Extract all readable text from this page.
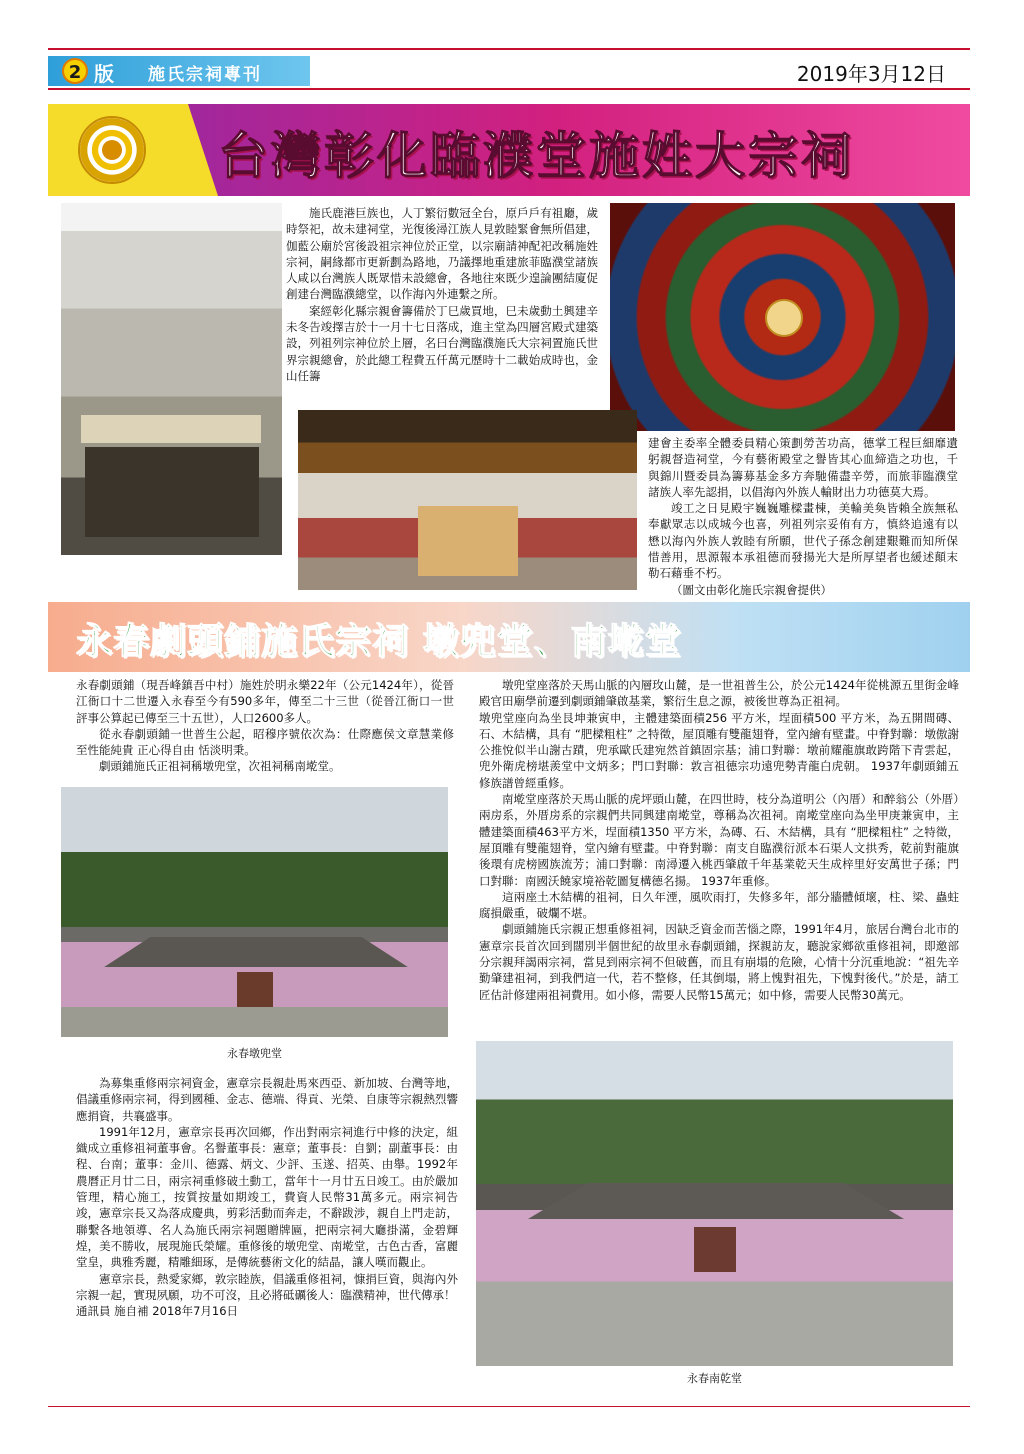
2 版 施氏宗祠專刊	2019年3月12日
台灣彰化臨濮堂施姓大宗祠

施氏鹿港巨族也，人丁繁衍數冠全台，原戶戶有祖廳，歲時祭祀，故未建祠堂，光復後潯江族人見敦睦緊會無所倡建，伽藍公廟於宮後設祖宗神位於正堂，以宗廟請神配祀改稱施姓宗祠，嗣緣都市更新劃為路地，乃議擇地重建旅菲臨濮堂諸族人咸以台灣族人既眾惜未設總會，各地往來既少遑論團結廈促創建台灣臨濮總堂，以作海內外連繫之所。

案經彰化縣宗親會籌備於丁巳歲買地，巳未歲動土興建辛未冬告竣擇吉於十一月十七日落成，進主堂為四層宮殿式建築設，列祖列宗神位於上層，名曰台灣臨濮施氏大宗祠置施氏世界宗親總會，於此總工程費五仟萬元歷時十二載始成時也，金山任籌

建會主委率全體委員精心策劃勞苦功高，德掌工程巨細靡遺躬親督造祠堂，今有藝術殿堂之譽皆其心血締造之功也，千與錦川暨委員為籌募基金多方奔馳備盡辛勞，而旅菲臨濮堂諸族人率先認捐，以倡海內外族人輸財出力功德莫大焉。

竣工之日見殿宇巍巍雕樑畫棟，美輪美奐皆賴全族無私奉獻眾志以成城今也喜，列祖列宗妥侑有方，慎終追遠有以懋以海內外族人敦睦有所願，世代子孫念創建艱難而知所保惜善用，思源報本承祖德而發揚光大是所厚望者也緩述顛末勒石藉垂不朽。

（圖文由彰化施氏宗親會提供）

永春劇頭鋪施氏宗祠 墩兜堂、南墘堂

永春劇頭鋪（現吾峰鎮吾中村）施姓於明永樂22年（公元1424年），從晉江衙口十二世遷入永春至今有590多年，傳至二十三世（從晉江衙口一世評事公算起已傳至三十五世），人口2600多人。

從永春劇頭鋪一世普生公起，昭穆序號依次為：仕際應侯文章慧業修 至性能純貴 正心得自由 恬淡明秉。

劇頭鋪施氏正祖祠稱墩兜堂，次祖祠稱南墘堂。

永春墩兜堂

為募集重修兩宗祠資金，憲章宗長親赴馬來西亞、新加坡、台灣等地，倡議重修兩宗祠，得到國種、金志、德端、得貢、光榮、自康等宗親熱烈響應捐資，共襄盛事。

1991年12月，憲章宗長再次回鄉，作出對兩宗祠進行中修的決定，組織成立重修祖祠董事會。名譽董事長：憲章；董事長：自劉；副董事長：由程、台南；董事：金川、德露、炳文、少評、玉遂、招英、由舉。1992年農曆正月廿二日，兩宗祠重修破土動工，當年十一月廿五日竣工。由於嚴加管理，精心施工，按質按量如期竣工，費資人民幣31萬多元。兩宗祠告竣，憲章宗長又為落成慶典，剪彩活動而奔走，不辭跋涉，親自上門走訪，聯繫各地領導、名人為施氏兩宗祠題贈牌匾，把兩宗祠大廳掛滿，金碧輝煌，美不勝收，展現施氏榮耀。重修後的墩兜堂、南墘堂，古色古香，富麗堂皇，典雅秀麗，精雕細琢，是傳統藝術文化的結晶，讓人嘆而觀止。

憲章宗長，熱愛家鄉，敦宗睦族，倡議重修祖祠，慷捐巨資，與海內外宗親一起，實現夙願，功不可沒，且必將砥礪後人：臨濮精神，世代傳承！

通訊員 施自補 2018年7月16日

墩兜堂座落於天馬山脈的內層玫山麓，是一世祖普生公，於公元1424年從桃源五里街金峰殿官田廟學前遷到劇頭鋪肇啟基業，繁衍生息之源，被後世尊為正祖祠。

墩兜堂座向為坐艮坤兼寅申，主體建築面積256 平方米，埕面積500 平方米，為五開間磚、石、木結構，具有 “肥樑粗柱” 之特徵，屋頂雕有雙龍翅脊，堂內繪有壁畫。中脊對聯：墩傲謝公推悅似半山謝古蹟，兜承歐氏建宛然首鎮固宗基；浦口對聯：墩前耀龍旗敢跨階下青雲起，兜外衛虎榜堪羨堂中文炳多；門口對聯：敦言祖德宗功遠兜勢青龍白虎朝。 1937年劇頭鋪五修族譜曾經重修。

南墘堂座落於天馬山脈的虎坪頭山麓，在四世時，枝分為道明公（內厝）和醉翁公（外厝）兩房系，外厝房系的宗親們共同興建南墘堂，尊稱為次祖祠。南墘堂座向為坐甲庚兼寅申，主體建築面積463平方米，埕面積1350 平方米，為磚、石、木結構，具有 “肥樑粗柱” 之特徵，屋頂雕有雙龍翅脊，堂內繪有壁畫。中脊對聯：南支自臨濮衍派本石渠人文拱秀，乾前對龍旗後環有虎榜國族流芳；浦口對聯：南潯遷入桃西肇啟千年基業乾天生成梓里好安萬世子孫；門口對聯：南國沃饒家境裕乾圖复構德名揚。 1937年重修。

這兩座土木結構的祖祠，日久年湮，風吹雨打，失修多年，部分牆體傾壞，柱、梁、蟲蛀腐損嚴重，破爛不堪。

劇頭鋪施氏宗親正想重修祖祠，因缺乏資金而苦惱之際，1991年4月，旅居台灣台北市的憲章宗長首次回到闊別半個世紀的故里永春劇頭鋪，探親訪友，聽說家鄉欲重修祖祠，即邀部分宗親拜謁兩宗祠，當見到兩宗祠不但破舊，而且有崩塌的危險，心情十分沉重地說：“祖先辛勤肇建祖祠，到我們這一代，若不整修，任其倒塌，將上愧對祖先，下愧對後代。”於是，請工匠估計修建兩祖祠費用。如小修，需要人民幣15萬元；如中修，需要人民幣30萬元。

永春南乾堂
